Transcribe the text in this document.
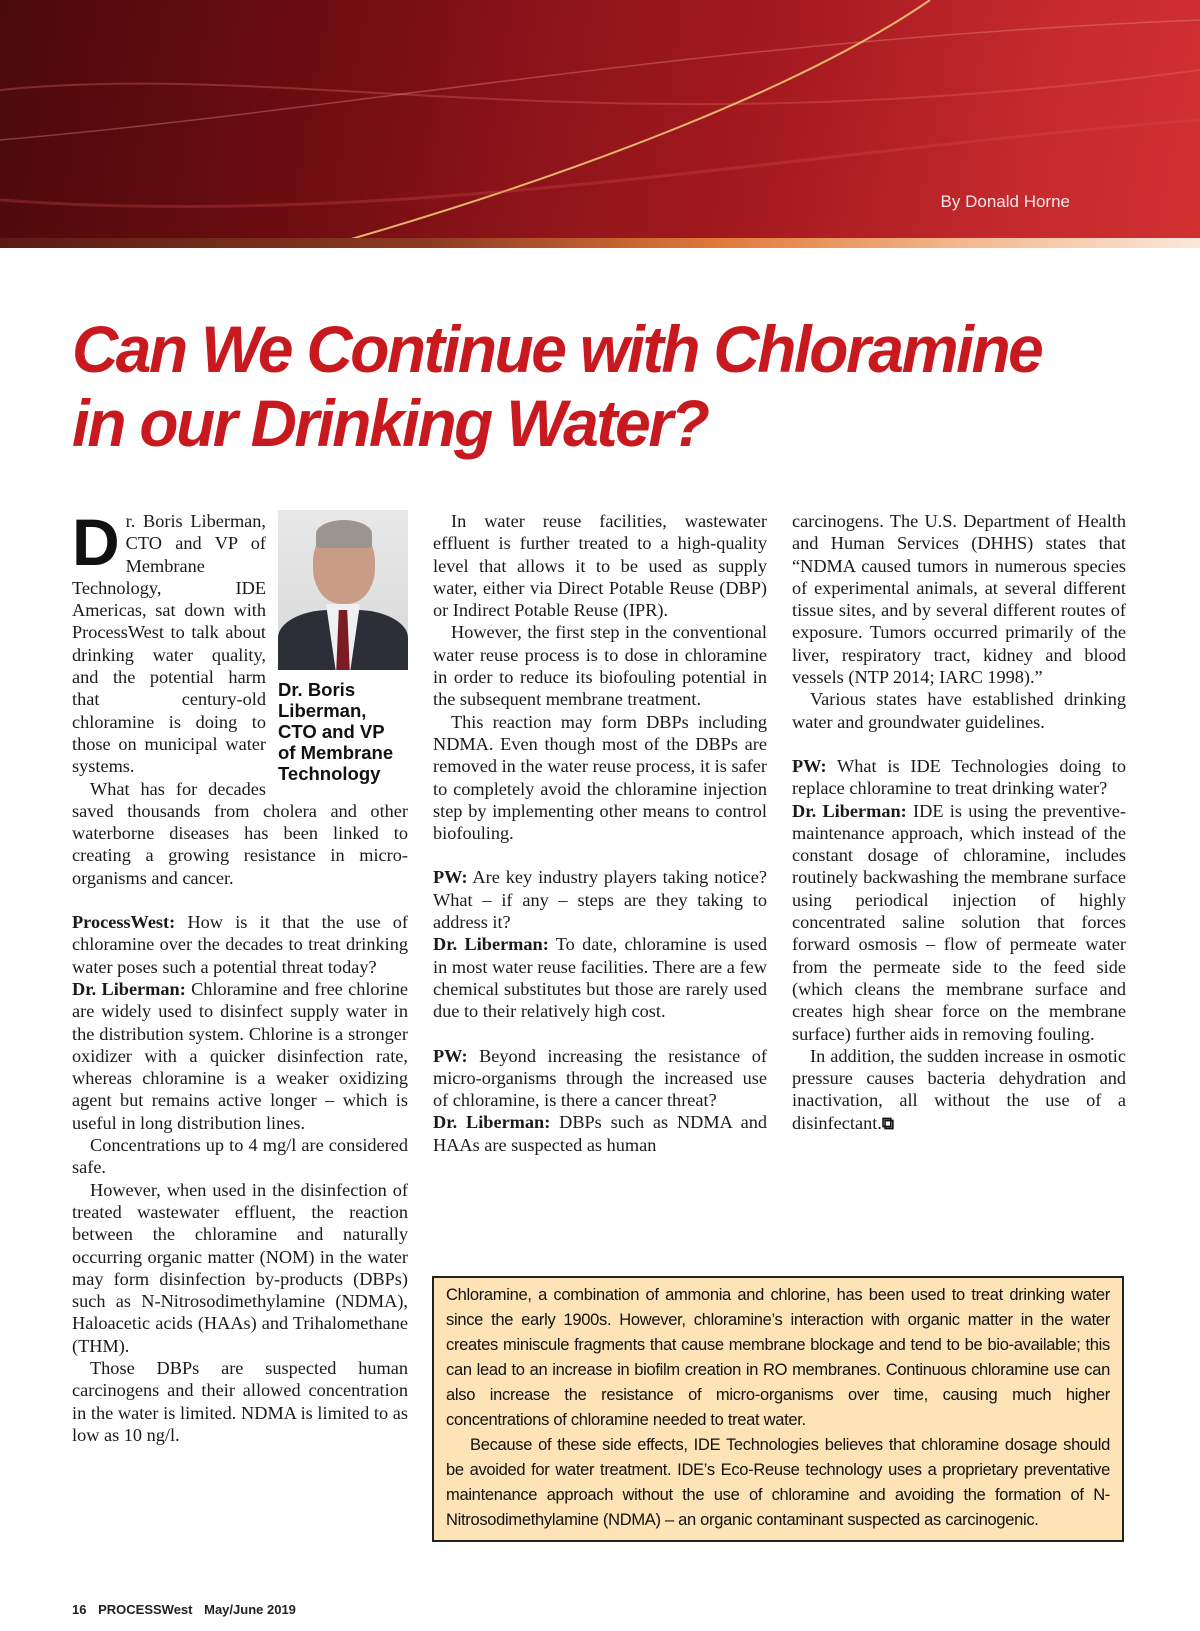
By Donald Horne
Can We Continue with Chloramine
in our Drinking Water?
Dr. Boris
Liberman,
CTO and VP
of Membrane
Technology

Dr. Boris Liberman, CTO and VP of Membrane Technology, IDE Americas, sat down with ProcessWest to talk about drinking water quality, and the potential harm that century-old chloramine is doing to those on municipal water systems.

What has for decades saved thousands from cholera and other waterborne diseases has been linked to creating a growing resistance in micro-organisms and cancer.

ProcessWest: How is it that the use of chloramine over the decades to treat drinking water poses such a potential threat today?

Dr. Liberman: Chloramine and free chlorine are widely used to disinfect supply water in the distribution system. Chlorine is a stronger oxidizer with a quicker disinfection rate, whereas chloramine is a weaker oxidizing agent but remains active longer – which is useful in long distribution lines.

Concentrations up to 4 mg/l are considered safe.

However, when used in the disinfection of treated wastewater effluent, the reaction between the chloramine and naturally occurring organic matter (NOM) in the water may form disinfection by-products (DBPs) such as N-Nitrosodimethylamine (NDMA), Haloacetic acids (HAAs) and Trihalomethane (THM).

Those DBPs are suspected human carcinogens and their allowed concentration in the water is limited. NDMA is limited to as low as 10 ng/l.

In water reuse facilities, wastewater effluent is further treated to a high-quality level that allows it to be used as supply water, either via Direct Potable Reuse (DBP) or Indirect Potable Reuse (IPR).

However, the first step in the conventional water reuse process is to dose in chloramine in order to reduce its biofouling potential in the subsequent membrane treatment.

This reaction may form DBPs including NDMA. Even though most of the DBPs are removed in the water reuse process, it is safer to completely avoid the chloramine injection step by implementing other means to control biofouling.

PW: Are key industry players taking notice? What – if any – steps are they taking to address it?

Dr. Liberman: To date, chloramine is used in most water reuse facilities. There are a few chemical substitutes but those are rarely used due to their relatively high cost.

PW: Beyond increasing the resistance of micro-organisms through the increased use of chloramine, is there a cancer threat?

Dr. Liberman: DBPs such as NDMA and HAAs are suspected as human

carcinogens. The U.S. Department of Health and Human Services (DHHS) states that “NDMA caused tumors in numerous species of experimental animals, at several different tissue sites, and by several different routes of exposure. Tumors occurred primarily of the liver, respiratory tract, kidney and blood vessels (NTP 2014; IARC 1998).”

Various states have established drinking water and groundwater guidelines.

PW: What is IDE Technologies doing to replace chloramine to treat drinking water?

Dr. Liberman: IDE is using the preventive-maintenance approach, which instead of the constant dosage of chloramine, includes routinely backwashing the membrane surface using periodical injection of highly concentrated saline solution that forces forward osmosis – flow of permeate water from the permeate side to the feed side (which cleans the membrane surface and creates high shear force on the membrane surface) further aids in removing fouling.

In addition, the sudden increase in osmotic pressure causes bacteria dehydration and inactivation, all without the use of a disinfectant.⧉

Chloramine, a combination of ammonia and chlorine, has been used to treat drinking water since the early 1900s. However, chloramine’s interaction with organic matter in the water creates miniscule fragments that cause membrane blockage and tend to be bio-available; this can lead to an increase in biofilm creation in RO membranes. Continuous chloramine use can also increase the resistance of micro-organisms over time, causing much higher concentrations of chloramine needed to treat water.

Because of these side effects, IDE Technologies believes that chloramine dosage should be avoided for water treatment. IDE’s Eco-Reuse technology uses a proprietary preventative maintenance approach without the use of chloramine and avoiding the formation of N-Nitrosodimethylamine (NDMA) – an organic contaminant suspected as carcinogenic.

16 PROCESSWest May/June 2019
